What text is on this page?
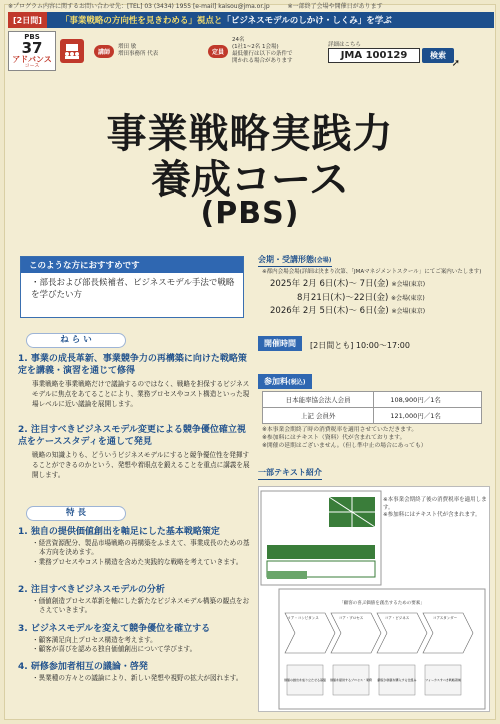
※プログラム内容に関するお問い合わせ先：[TEL] 03 (3434) 1955 [e-mail] kaisou@jma.or.jp	※一部終了会場や開催日があります
[2日間]	「事業戦略の方向性を見きわめる」視点と「ビジネスモデルのしかけ・しくみ」を学ぶ
PBS
37
アドバンス
コース
講師
増田 敏
増田事務所 代表	定員
24名
(1社1~2名 1会場)
最低催行は以下の条件で
開かれる場合があります
詳細はこちら
JMA 100129	検索
➚
事業戦略実践力
養成コース
(PBS)
このような方におすすめです
・部長および部長候補者、ビジネスモデル手法で戦略を学びたい方
ね ら い
1. 事業の成長革新、事業競争力の再構築に向けた戦略策定を講義・演習を通じて修得
事業戦略を事業戦略だけで議論するのではなく、戦略を担保するビジネスモデルに焦点をあてることにより、業務プロセスやコスト構造といった現場レベルに近い議論を展開します。
2. 注目すべきビジネスモデル変更による競争優位確立視点をケーススタディを通して発見
戦略の知識よりも、どういうビジネスモデルにすると競争優位性を発揮することができるのかという、発想や着眼点を鍛えることを重点に講義を展開します。
特 長
1. 独自の提供価値創出を軸足にした基本戦略策定
・経営資源配分、製品市場戦略の再構築をふまえて、事業成長のための基本方向を決めます。
・業務プロセスやコスト構造を含めた実践的な戦略を考えていきます。
2. 注目すべきビジネスモデルの分析
・価値創造プロセス革新を軸にした新たなビジネスモデル構築の観点をおさえていきます。
3. ビジネスモデルを変えて競争優位を確立する
・顧客満足向上プロセス構造を考えます。
・顧客が喜びを認める独自価値創出について学びます。
4. 研修参加者相互の議論・啓発
・異業種の方々との議論により、新しい発想や視野の拡大が図れます。
会期・受講形態(会場)
※都内会場会場(詳細は決まり次第、「JMAマネジメントスクール」にてご案内いたします)
2025年 2月 6日(木)～ 7日(金) ※会場(東京)
8月21日(木)～22日(金) ※会場(東京)
2026年 2月 5日(木)～ 6日(金) ※会場(東京)
開催時間	[2日間とも] 10:00～17:00
参加料(税込)
日本能率協会法人会員	108,900円／1名
上記 会員外	121,000円／1名
※本事業会期終了時の消費税率を適用させていただきます。
※参加料にはテキスト（資料）代が含まれております。
※開催の延期はございません。（但し準中止の場合にあっても）
一部テキスト紹介
「顧客の喜ぶ価値を創出するための要素」
コア・コンピタンス	コア・プロセス	コア・ビジネス	コアスタンダー
価値の創出を成り立たせる基盤 価値を提供するプロセス・業務 顧客が価値を購入する仕組み	フォーカスすべき戦略領域
※本事業会期終了後の消費税率を適用します。
※参加料にはテキスト代が含まれます。
